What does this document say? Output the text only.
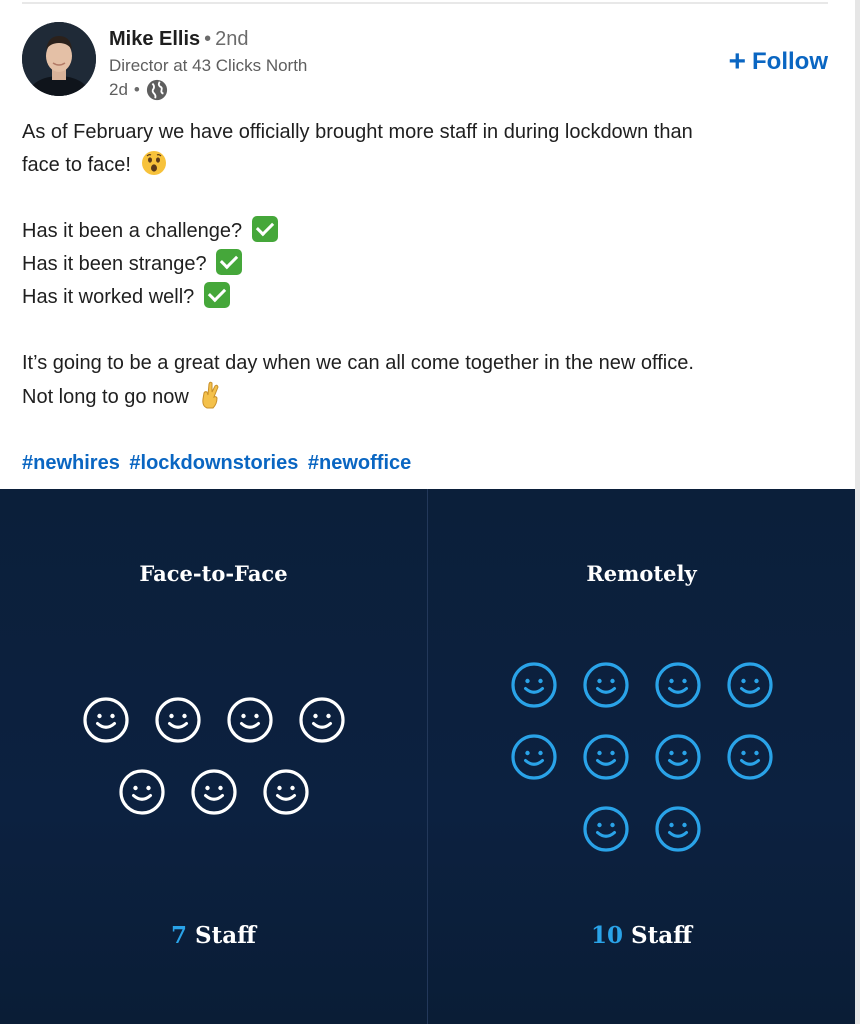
Mike Ellis • 2nd
Director at 43 Clicks North
2d •
+ Follow

As of February we have officially brought more staff in during lockdown than

face to face!

Has it been a challenge?

Has it been strange?

Has it worked well?

It’s going to be a great day when we can all come together in the new office.

Not long to go now

#newhires #lockdownstories #newoffice

Face-to-Face
7 Staff
Remotely
10 Staff
